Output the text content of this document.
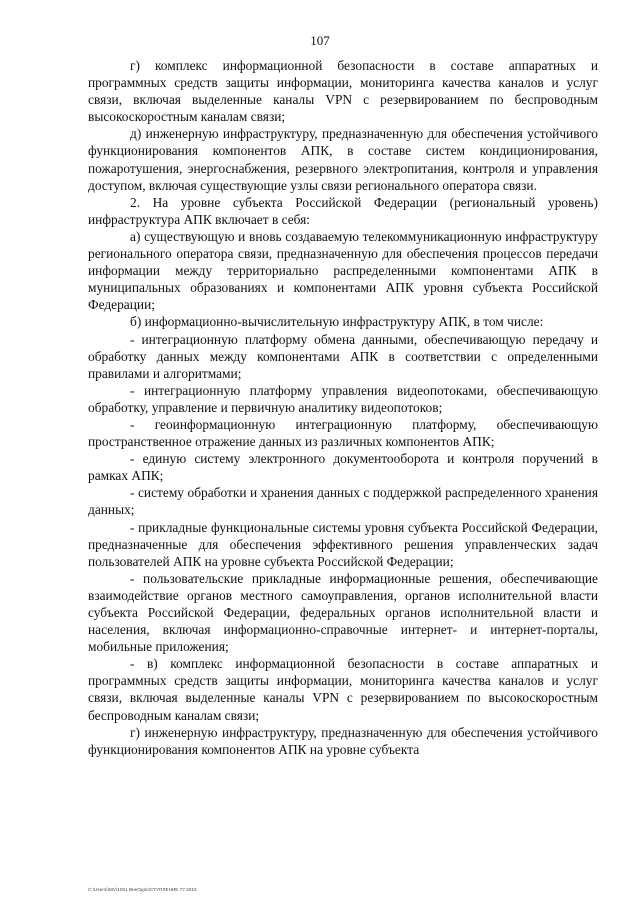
107

г) комплекс информационной безопасности в составе аппаратных и программных средств защиты информации, мониторинга качества каналов и услуг связи, включая выделенные каналы VPN с резервированием по беспроводным высокоскоростным каналам связи;

д) инженерную инфраструктуру, предназначенную для обеспечения устойчивого функционирования компонентов АПК, в составе систем кондиционирования, пожаротушения, энергоснабжения, резервного электропитания, контроля и управления доступом, включая существующие узлы связи регионального оператора связи.

2. На уровне субъекта Российской Федерации (региональный уровень) инфраструктура АПК включает в себя:

а) существующую и вновь создаваемую телекоммуникационную инфраструктуру регионального оператора связи, предназначенную для обеспечения процессов передачи информации между территориально распределенными компонентами АПК в муниципальных образованиях и компонентами АПК уровня субъекта Российской Федерации;

б) информационно-вычислительную инфраструктуру АПК, в том числе:

- интеграционную платформу обмена данными, обеспечивающую передачу и обработку данных между компонентами АПК в соответствии с определенными правилами и алгоритмами;

- интеграционную платформу управления видеопотоками, обеспечивающую обработку, управление и первичную аналитику видеопотоков;

- геоинформационную интеграционную платформу, обеспечивающую пространственное отражение данных из различных компонентов АПК;

- единую систему электронного документооборота и контроля поручений в рамках АПК;

- систему обработки и хранения данных с поддержкой распределенного хранения данных;

- прикладные функциональные системы уровня субъекта Российской Федерации, предназначенные для обеспечения эффективного решения управленческих задач пользователей АПК на уровне субъекта Российской Федерации;

- пользовательские прикладные информационные решения, обеспечивающие взаимодействие органов местного самоуправления, органов исполнительной власти субъекта Российской Федерации, федеральных органов исполнительной власти и населения, включая информационно-справочные интернет- и интернет-порталы, мобильные приложения;

- в) комплекс информационной безопасности в составе аппаратных и программных средств защиты информации, мониторинга качества каналов и услуг связи, включая выделенные каналы VPN с резервированием по высокоскоростным беспроводным каналам связи;

г) инженерную инфраструктуру, предназначенную для обеспечения устойчивого функционирования компонентов АПК на уровне субъекта

С:\Users\\MV\1001 ВнеОдел\СТУПЛЕНИЕ 77.2015
